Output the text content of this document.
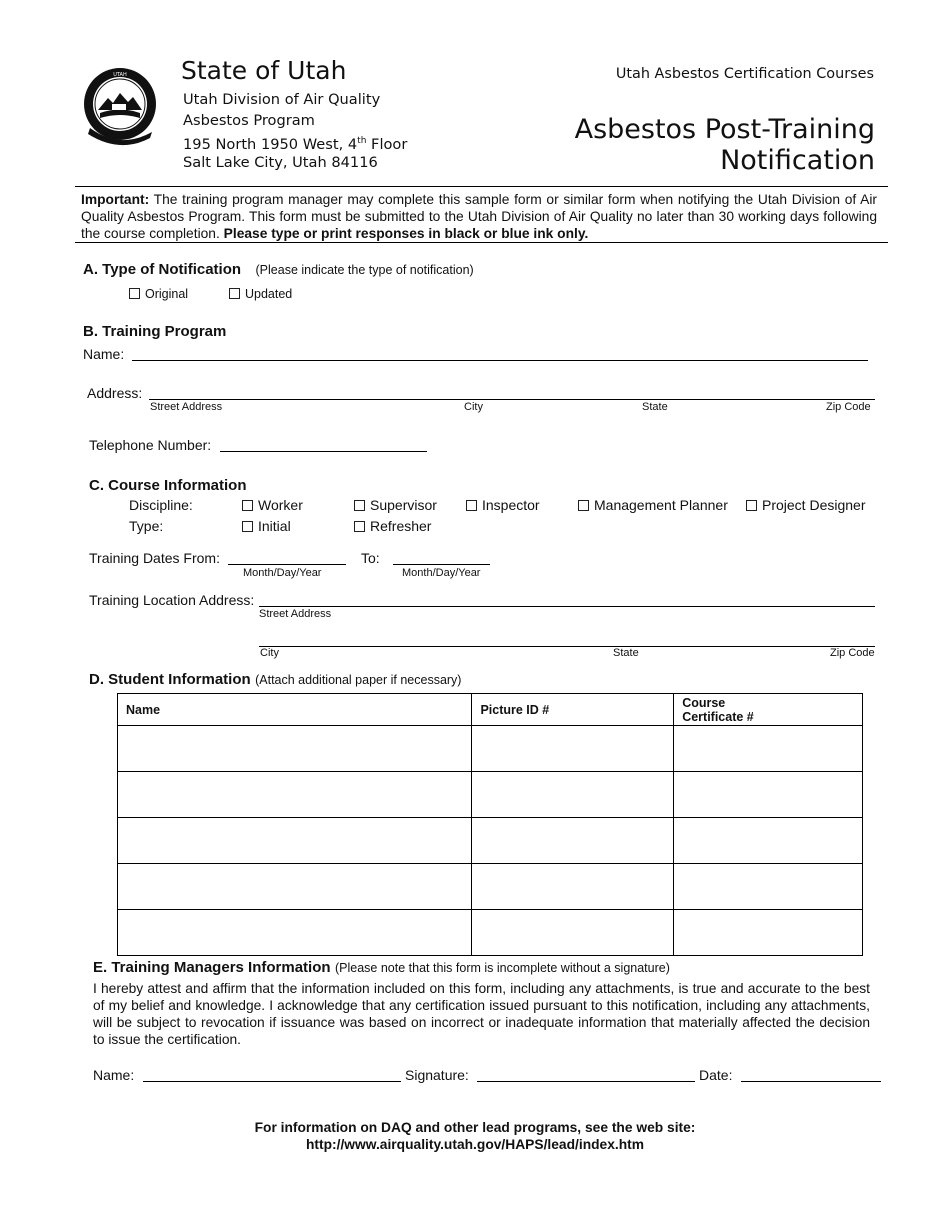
UTAH State of Utah
Utah Division of Air Quality
Asbestos Program
195 North 1950 West, 4th Floor
Salt Lake City, Utah 84116
Utah Asbestos Certification Courses
Asbestos Post-Training Notification
Important: The training program manager may complete this sample form or similar form when notifying the Utah Division of Air Quality Asbestos Program. This form must be submitted to the Utah Division of Air Quality no later than 30 working days following the course completion. Please type or print responses in black or blue ink only.
A. Type of Notification (Please indicate the type of notification)
Original	Updated
B. Training Program
Name:
Address:
Street Address	City	State	Zip Code
Telephone Number:
C. Course Information
Discipline:	Worker	Supervisor	Inspector	Management Planner	Project Designer
Type:	Initial	Refresher
Training Dates From:
Month/Day/Year
To:
Month/Day/Year
Training Location Address:
Street Address
City	State	Zip Code
D. Student Information (Attach additional paper if necessary)
Name	Picture ID #	Course
Certificate #

E. Training Managers Information (Please note that this form is incomplete without a signature)
I hereby attest and affirm that the information included on this form, including any attachments, is true and accurate to the best of my belief and knowledge. I acknowledge that any certification issued pursuant to this notification, including any attachments, will be subject to revocation if issuance was based on incorrect or inadequate information that materially affected the decision to issue the certification.
Name:	Signature:	Date:
For information on DAQ and other lead programs, see the web site:
http://www.airquality.utah.gov/HAPS/lead/index.htm
